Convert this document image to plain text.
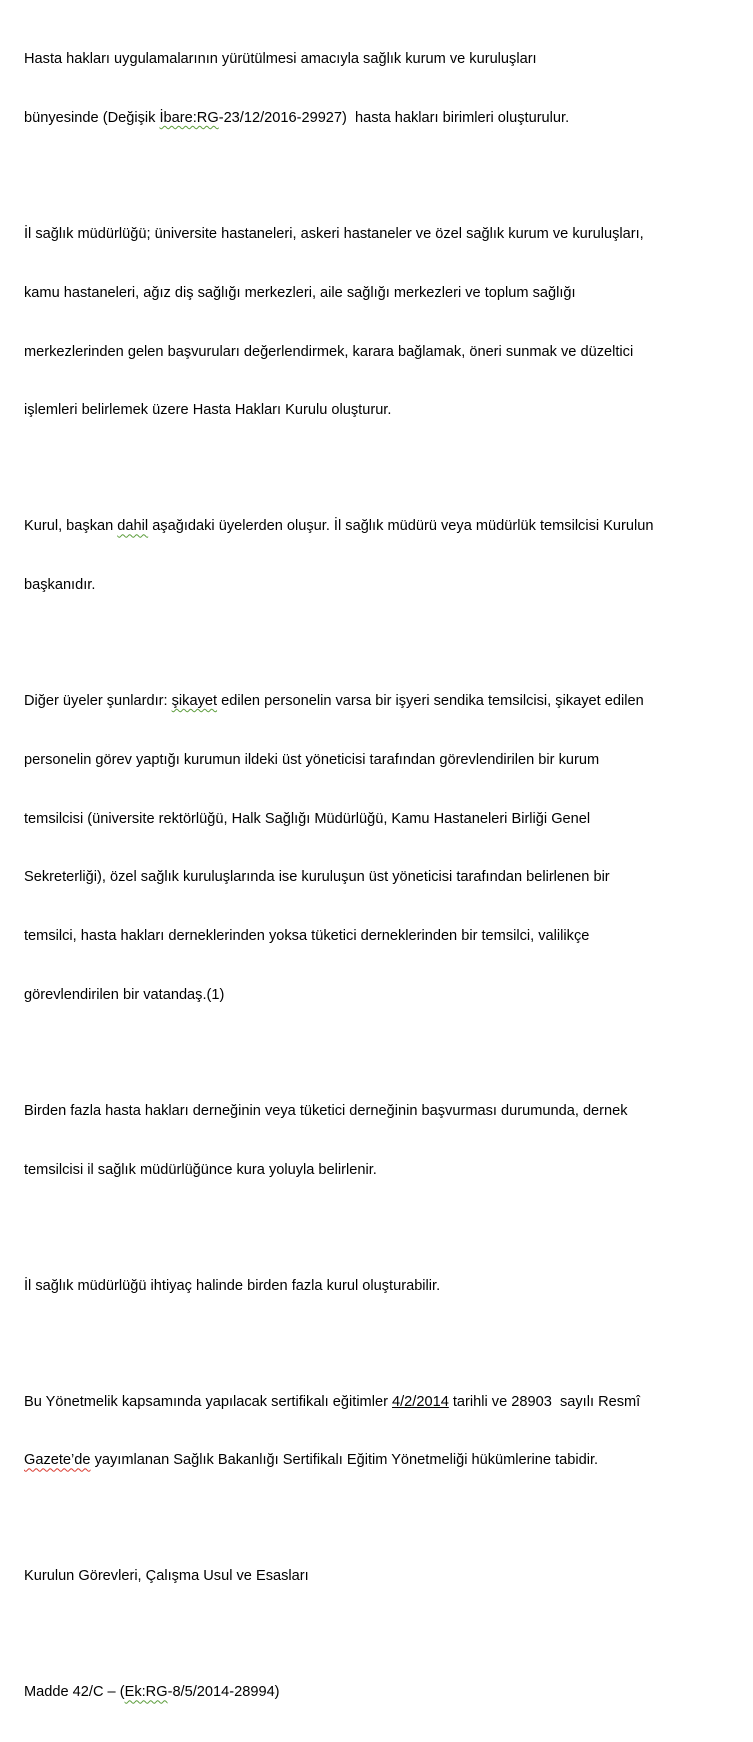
Hasta hakları uygulamalarının yürütülmesi amacıyla sağlık kurum ve kuruluşları

bünyesinde (Değişik İbare:RG-23/12/2016-29927)  hasta hakları birimleri oluşturulur.

İl sağlık müdürlüğü; üniversite hastaneleri, askeri hastaneler ve özel sağlık kurum ve kuruluşları,

kamu hastaneleri, ağız diş sağlığı merkezleri, aile sağlığı merkezleri ve toplum sağlığı

merkezlerinden gelen başvuruları değerlendirmek, karara bağlamak, öneri sunmak ve düzeltici

işlemleri belirlemek üzere Hasta Hakları Kurulu oluşturur.

Kurul, başkan dahil aşağıdaki üyelerden oluşur. İl sağlık müdürü veya müdürlük temsilcisi Kurulun

başkanıdır.

Diğer üyeler şunlardır: şikayet edilen personelin varsa bir işyeri sendika temsilcisi, şikayet edilen

personelin görev yaptığı kurumun ildeki üst yöneticisi tarafından görevlendirilen bir kurum

temsilcisi (üniversite rektörlüğü, Halk Sağlığı Müdürlüğü, Kamu Hastaneleri Birliği Genel

Sekreterliği), özel sağlık kuruluşlarında ise kuruluşun üst yöneticisi tarafından belirlenen bir

temsilci, hasta hakları derneklerinden yoksa tüketici derneklerinden bir temsilci, valilikçe

görevlendirilen bir vatandaş.(1)

Birden fazla hasta hakları derneğinin veya tüketici derneğinin başvurması durumunda, dernek

temsilcisi il sağlık müdürlüğünce kura yoluyla belirlenir.

İl sağlık müdürlüğü ihtiyaç halinde birden fazla kurul oluşturabilir.

Bu Yönetmelik kapsamında yapılacak sertifikalı eğitimler 4/2/2014 tarihli ve 28903  sayılı Resmî

Gazete’de yayımlanan Sağlık Bakanlığı Sertifikalı Eğitim Yönetmeliği hükümlerine tabidir.

Kurulun Görevleri, Çalışma Usul ve Esasları

Madde 42/C – (Ek:RG-8/5/2014-28994)
